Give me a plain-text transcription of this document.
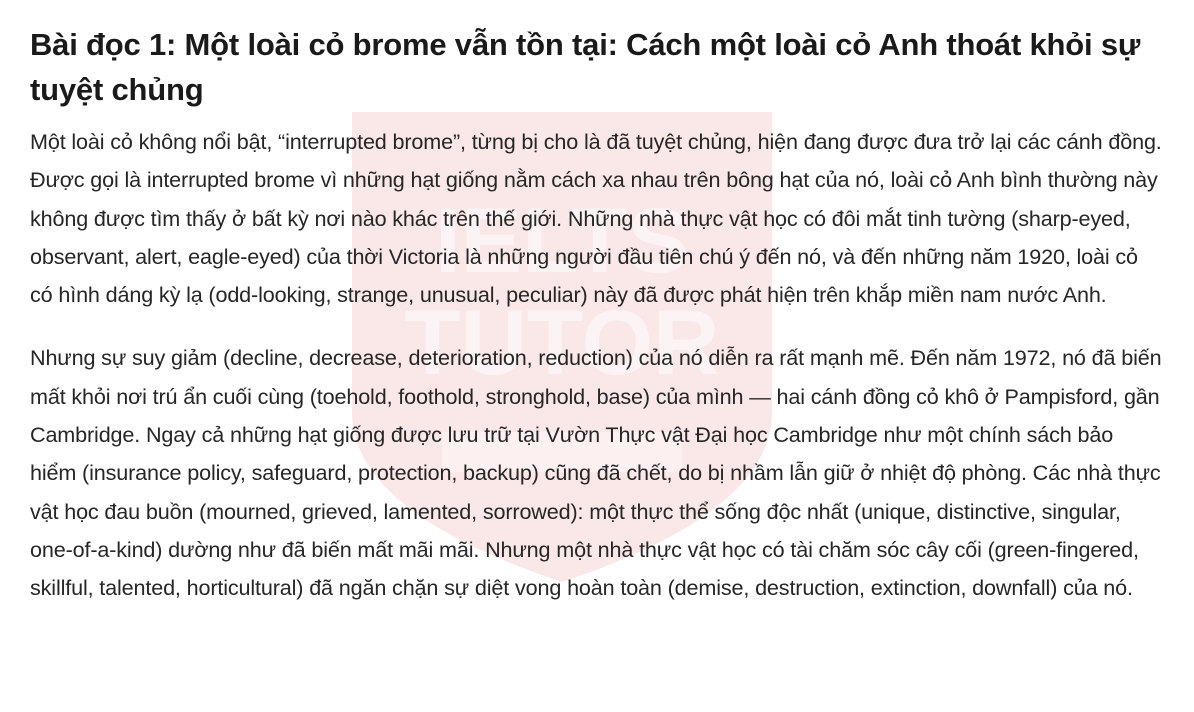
IELTS
TUTOR
Bài đọc 1: Một loài cỏ brome vẫn tồn tại: Cách một loài cỏ Anh thoát khỏi sự tuyệt chủng

Một loài cỏ không nổi bật, “interrupted brome”, từng bị cho là đã tuyệt chủng, hiện đang được đưa trở lại các cánh đồng. Được gọi là interrupted brome vì những hạt giống nằm cách xa nhau trên bông hạt của nó, loài cỏ Anh bình thường này không được tìm thấy ở bất kỳ nơi nào khác trên thế giới. Những nhà thực vật học có đôi mắt tinh tường (sharp-eyed, observant, alert, eagle-eyed) của thời Victoria là những người đầu tiên chú ý đến nó, và đến những năm 1920, loài cỏ có hình dáng kỳ lạ (odd-looking, strange, unusual, peculiar) này đã được phát hiện trên khắp miền nam nước Anh.

Nhưng sự suy giảm (decline, decrease, deterioration, reduction) của nó diễn ra rất mạnh mẽ. Đến năm 1972, nó đã biến mất khỏi nơi trú ẩn cuối cùng (toehold, foothold, stronghold, base) của mình — hai cánh đồng cỏ khô ở Pampisford, gần Cambridge. Ngay cả những hạt giống được lưu trữ tại Vườn Thực vật Đại học Cambridge như một chính sách bảo hiểm (insurance policy, safeguard, protection, backup) cũng đã chết, do bị nhầm lẫn giữ ở nhiệt độ phòng. Các nhà thực vật học đau buồn (mourned, grieved, lamented, sorrowed): một thực thể sống độc nhất (unique, distinctive, singular, one-of-a-kind) dường như đã biến mất mãi mãi. Nhưng một nhà thực vật học có tài chăm sóc cây cối (green-fingered, skillful, talented, horticultural) đã ngăn chặn sự diệt vong hoàn toàn (demise, destruction, extinction, downfall) của nó.
